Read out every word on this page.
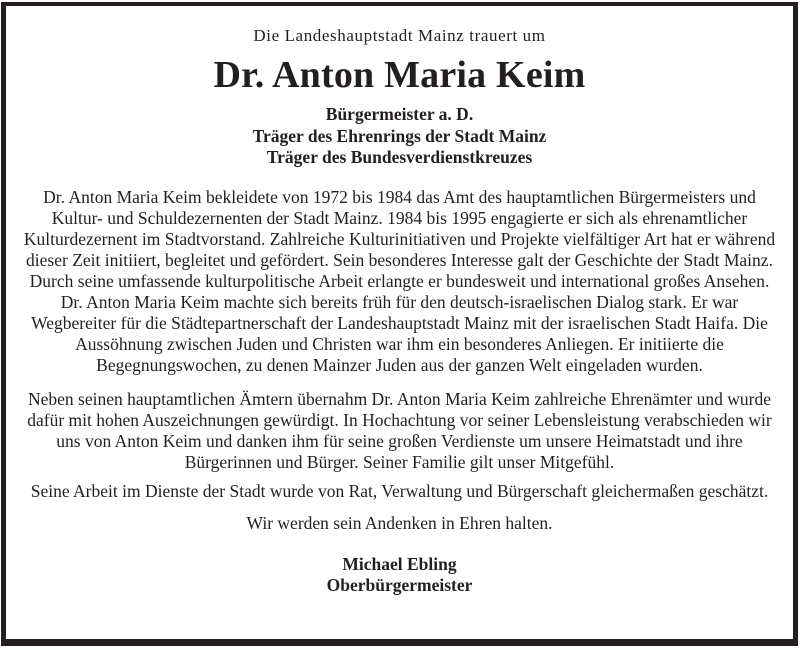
Die Landeshauptstadt Mainz trauert um

Dr. Anton Maria Keim

Bürgermeister a. D.

Träger des Ehrenrings der Stadt Mainz

Träger des Bundesverdienstkreuzes

Dr. Anton Maria Keim bekleidete von 1972 bis 1984 das Amt des hauptamtlichen Bürgermeisters und Kultur- und Schuldezernenten der Stadt Mainz. 1984 bis 1995 engagierte er sich als ehrenamtlicher Kulturdezernent im Stadtvorstand. Zahlreiche Kulturinitiativen und Projekte vielfältiger Art hat er während dieser Zeit initiiert, begleitet und gefördert. Sein besonderes Interesse galt der Geschichte der Stadt Mainz. Durch seine umfassende kulturpolitische Arbeit erlangte er bundesweit und international großes Ansehen. Dr. Anton Maria Keim machte sich bereits früh für den deutsch-israelischen Dialog stark. Er war Wegbereiter für die Städtepartnerschaft der Landeshauptstadt Mainz mit der israelischen Stadt Haifa. Die Aussöhnung zwischen Juden und Christen war ihm ein besonderes Anliegen. Er initiierte die Begegnungswochen, zu denen Mainzer Juden aus der ganzen Welt eingeladen wurden.

Neben seinen hauptamtlichen Ämtern übernahm Dr. Anton Maria Keim zahlreiche Ehrenämter und wurde dafür mit hohen Auszeichnungen gewürdigt. In Hochachtung vor seiner Lebensleistung verabschieden wir uns von Anton Keim und danken ihm für seine großen Verdienste um unsere Heimatstadt und ihre Bürgerinnen und Bürger. Seiner Familie gilt unser Mitgefühl.

Seine Arbeit im Dienste der Stadt wurde von Rat, Verwaltung und Bürgerschaft gleichermaßen geschätzt.

Wir werden sein Andenken in Ehren halten.

Michael Ebling

Oberbürgermeister
